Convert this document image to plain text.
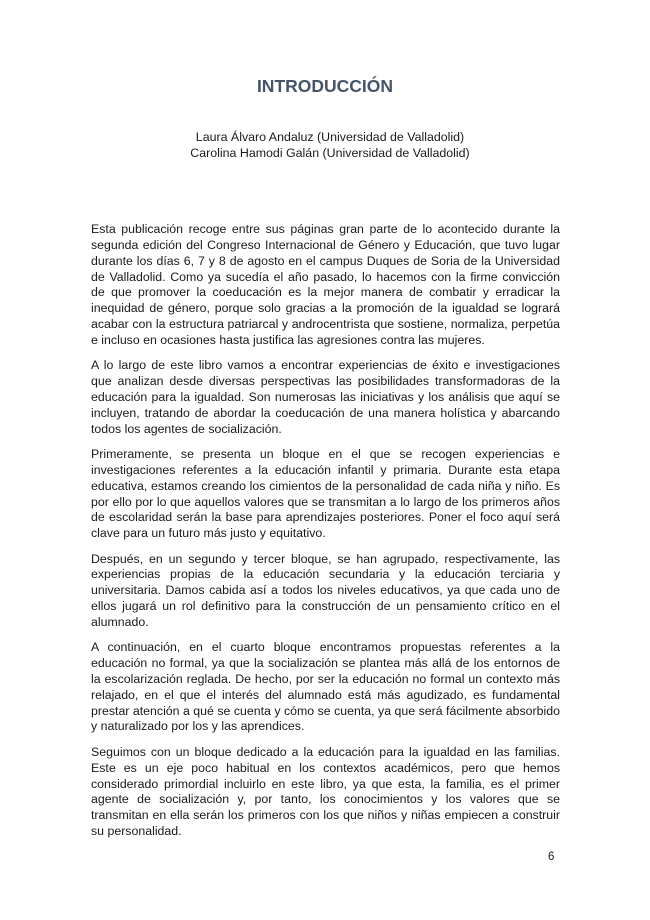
INTRODUCCIÓN
Laura Álvaro Andaluz (Universidad de Valladolid)
Carolina Hamodi Galán (Universidad de Valladolid)

Esta publicación recoge entre sus páginas gran parte de lo acontecido durante la segunda edición del Congreso Internacional de Género y Educación, que tuvo lugar durante los días 6, 7 y 8 de agosto en el campus Duques de Soria de la Universidad de Valladolid. Como ya sucedía el año pasado, lo hacemos con la firme convicción de que promover la coeducación es la mejor manera de combatir y erradicar la inequidad de género, porque solo gracias a la promoción de la igualdad se logrará acabar con la estructura patriarcal y androcentrista que sostiene, normaliza, perpetúa e incluso en ocasiones hasta justifica las agresiones contra las mujeres.

A lo largo de este libro vamos a encontrar experiencias de éxito e investigaciones que analizan desde diversas perspectivas las posibilidades transformadoras de la educación para la igualdad. Son numerosas las iniciativas y los análisis que aquí se incluyen, tratando de abordar la coeducación de una manera holística y abarcando todos los agentes de socialización.

Primeramente, se presenta un bloque en el que se recogen experiencias e investigaciones referentes a la educación infantil y primaria. Durante esta etapa educativa, estamos creando los cimientos de la personalidad de cada niña y niño. Es por ello por lo que aquellos valores que se transmitan a lo largo de los primeros años de escolaridad serán la base para aprendizajes posteriores. Poner el foco aquí será clave para un futuro más justo y equitativo.

Después, en un segundo y tercer bloque, se han agrupado, respectivamente, las experiencias propias de la educación secundaria y la educación terciaria y universitaria. Damos cabida así a todos los niveles educativos, ya que cada uno de ellos jugará un rol definitivo para la construcción de un pensamiento crítico en el alumnado.

A continuación, en el cuarto bloque encontramos propuestas referentes a la educación no formal, ya que la socialización se plantea más allá de los entornos de la escolarización reglada. De hecho, por ser la educación no formal un contexto más relajado, en el que el interés del alumnado está más agudizado, es fundamental prestar atención a qué se cuenta y cómo se cuenta, ya que será fácilmente absorbido y naturalizado por los y las aprendices.

Seguimos con un bloque dedicado a la educación para la igualdad en las familias. Este es un eje poco habitual en los contextos académicos, pero que hemos considerado primordial incluirlo en este libro, ya que esta, la familia, es el primer agente de socialización y, por tanto, los conocimientos y los valores que se transmitan en ella serán los primeros con los que niños y niñas empiecen a construir su personalidad.

6
